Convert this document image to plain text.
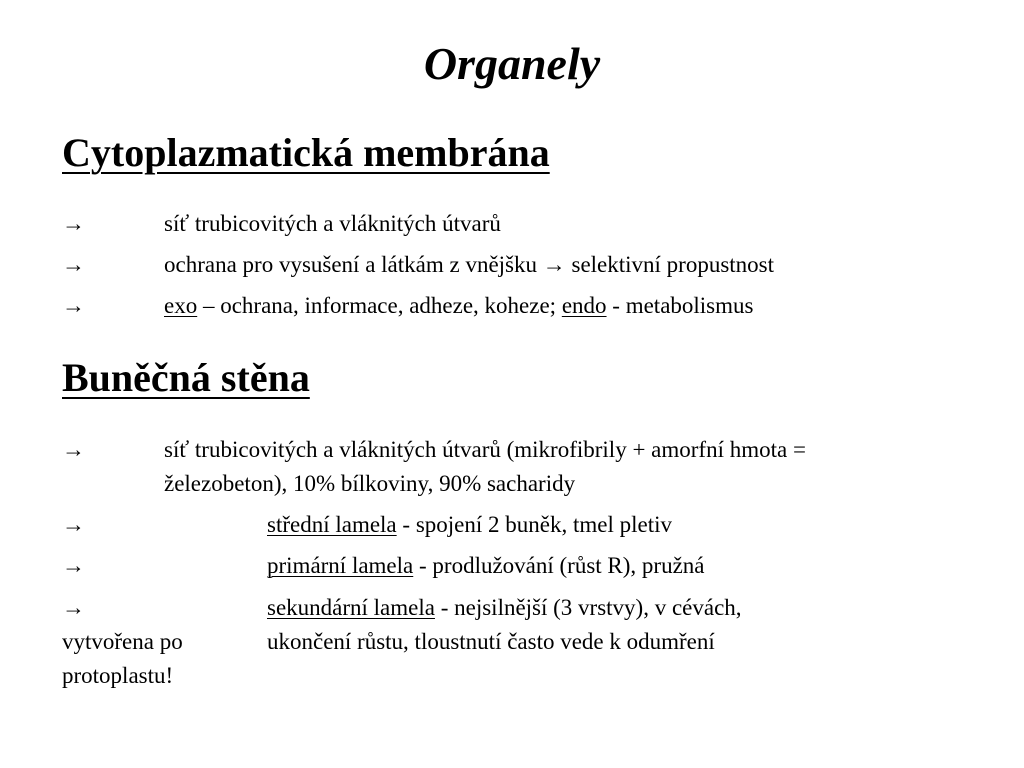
Organely
Cytoplazmatická membrána
→	síť trubicovitých a vláknitých útvarů
→	ochrana pro vysušení a látkám z vnějšku → selektivní propustnost
→	exo – ochrana, informace, adheze, koheze; endo - metabolismus
Buněčná stěna
→	síť trubicovitých a vláknitých útvarů (mikrofibrily + amorfní hmota =
železobeton), 10% bílkoviny, 90% sacharidy
→	střední lamela - spojení 2 buněk, tmel pletiv
→	primární lamela - prodlužování (růst R), pružná
→	sekundární lamela - nejsilnější (3 vrstvy), v cévách,
vytvořena po	ukončení růstu, tloustnutí často vede k odumření
protoplastu!
